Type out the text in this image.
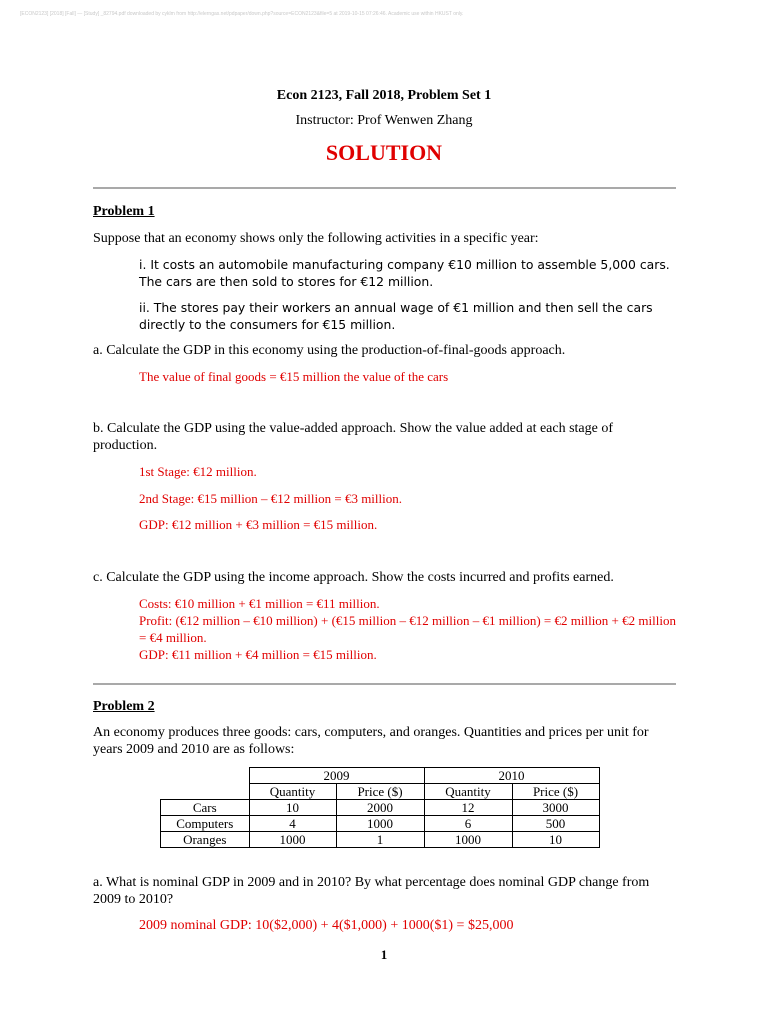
[ECON2123] [2018] [Fall] — [Study] _82794.pdf downloaded by cyklm from http://elerngas.net/pdpaper/down.php?source=ECON2123&file=5 at 2019-10-15 07:26:46. Academic use within HKUST only.
Econ 2123, Fall 2018, Problem Set 1
Instructor: Prof Wenwen Zhang
SOLUTION
Problem 1
Suppose that an economy shows only the following activities in a specific year:
i. It costs an automobile manufacturing company €10 million to assemble 5,000 cars. The cars are then sold to stores for €12 million.
ii. The stores pay their workers an annual wage of €1 million and then sell the cars directly to the consumers for €15 million.
a. Calculate the GDP in this economy using the production-of-final-goods approach.
The value of final goods = €15 million the value of the cars
b. Calculate the GDP using the value-added approach. Show the value added at each stage of production.
1st Stage: €12 million.
2nd Stage: €15 million – €12 million = €3 million.
GDP: €12 million + €3 million = €15 million.
c. Calculate the GDP using the income approach. Show the costs incurred and profits earned.
Costs: €10 million + €1 million = €11 million.
Profit: (€12 million – €10 million) + (€15 million – €12 million – €1 million) = €2 million + €2 million = €4 million.
GDP: €11 million + €4 million = €15 million.
Problem 2
An economy produces three goods: cars, computers, and oranges. Quantities and prices per unit for years 2009 and 2010 are as follows:
	2009		2010	
	Quantity	Price ($)	Quantity	Price ($)
Cars	10	2000	12	3000
Computers	4	1000	6	500
Oranges	1000	1	1000	10
a. What is nominal GDP in 2009 and in 2010? By what percentage does nominal GDP change from 2009 to 2010?
2009 nominal GDP: 10($2,000) + 4($1,000) + 1000($1) = $25,000
1
